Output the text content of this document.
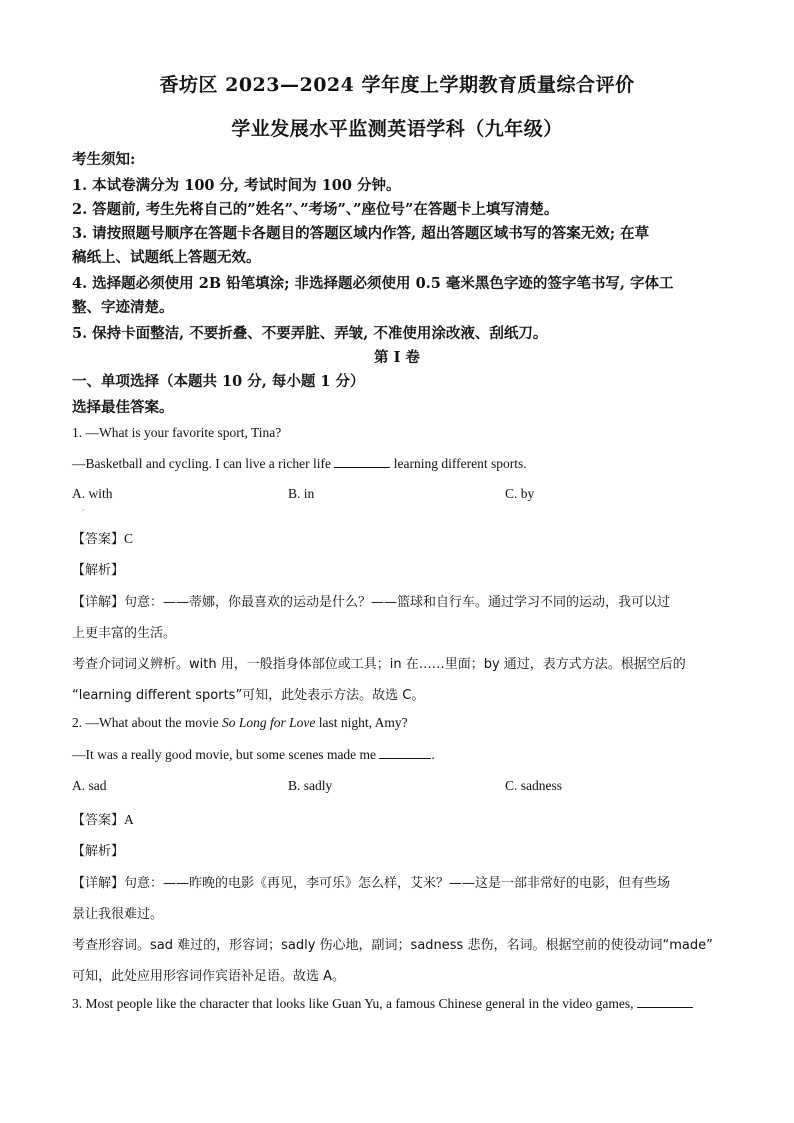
香坊区 2023—2024 学年度上学期教育质量综合评价
学业发展水平监测英语学科（九年级）
考生须知:
1. 本试卷满分为 100 分, 考试时间为 100 分钟。
2. 答题前, 考生先将自己的”姓名”、”考场”、”座位号”在答题卡上填写清楚。
3. 请按照题号顺序在答题卡各题目的答题区域内作答, 超出答题区域书写的答案无效; 在草
稿纸上、试题纸上答题无效。
4. 选择题必须使用 2B 铅笔填涂; 非选择题必须使用 0.5 毫米黑色字迹的签字笔书写, 字体工
整、字迹清楚。
5. 保持卡面整洁, 不要折叠、不要弄脏、弄皱, 不准使用涂改液、刮纸刀。
第 I 卷
一、单项选择（本题共 10 分, 每小题 1 分）
选择最佳答案。
1. —What is your favorite sport, Tina?
—Basketball and cycling. I can live a richer life	learning different sports.
A. with	B. in	C. by
·
【答案】C
【解析】
【详解】句意：——蒂娜，你最喜欢的运动是什么？——篮球和自行车。通过学习不同的运动，我可以过
上更丰富的生活。
考查介词词义辨析。with 用，一般指身体部位或工具；in 在……里面；by 通过，表方式方法。根据空后的
“learning different sports”可知，此处表示方法。故选 C。
2. —What about the movie So Long for Love last night, Amy?
—It was a really good movie, but some scenes made me	.
A. sad	B. sadly	C. sadness
【答案】A
【解析】
【详解】句意：——昨晚的电影《再见，李可乐》怎么样，艾米？——这是一部非常好的电影，但有些场
景让我很难过。
考查形容词。sad 难过的，形容词；sadly 伤心地，副词；sadness 悲伤，名词。根据空前的使役动词“made”
可知，此处应用形容词作宾语补足语。故选 A。
3. Most people like the character that looks like Guan Yu, a famous Chinese general in the video games,
